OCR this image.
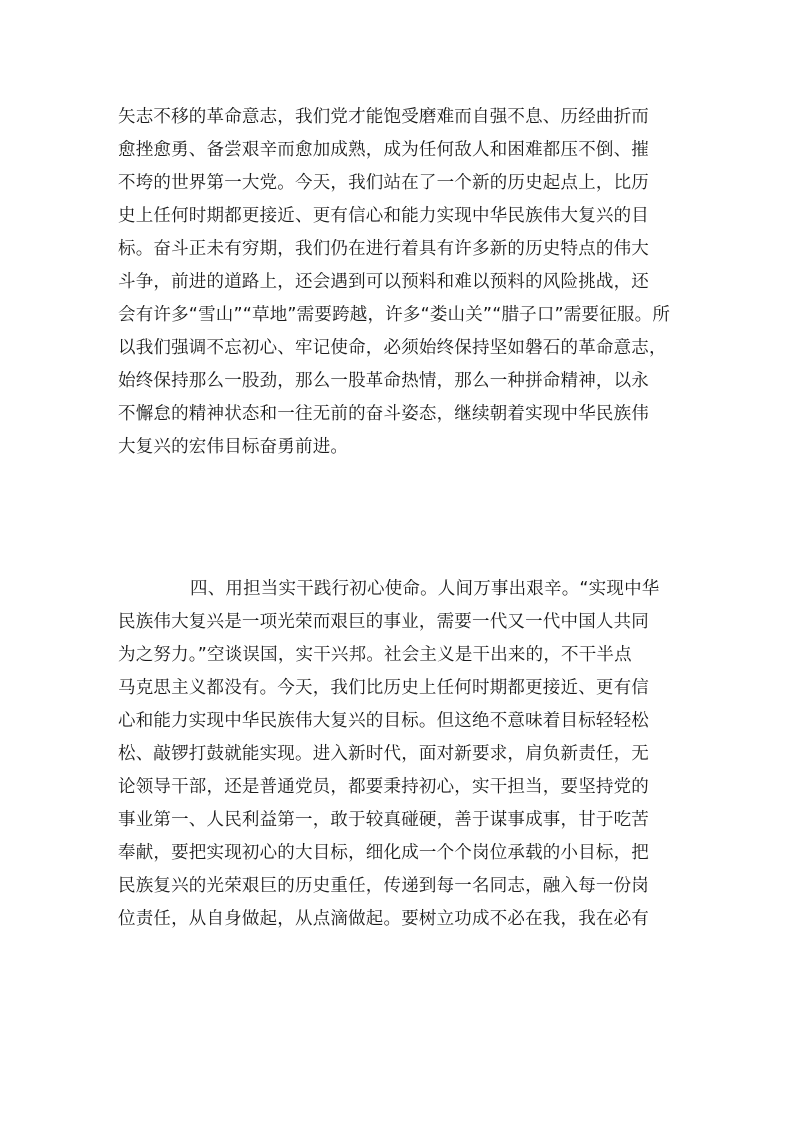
矢志不移的革命意志，我们党才能饱受磨难而自强不息、历经曲折而
愈挫愈勇、备尝艰辛而愈加成熟，成为任何敌人和困难都压不倒、摧
不垮的世界第一大党。今天，我们站在了一个新的历史起点上，比历
史上任何时期都更接近、更有信心和能力实现中华民族伟大复兴的目
标。奋斗正未有穷期，我们仍在进行着具有许多新的历史特点的伟大
斗争，前进的道路上，还会遇到可以预料和难以预料的风险挑战，还
会有许多“雪山”“草地”需要跨越，许多“娄山关”“腊子口”需要征服。所
以我们强调不忘初心、牢记使命，必须始终保持坚如磐石的革命意志，
始终保持那么一股劲，那么一股革命热情，那么一种拼命精神，以永
不懈怠的精神状态和一往无前的奋斗姿态，继续朝着实现中华民族伟
大复兴的宏伟目标奋勇前进。

四、用担当实干践行初心使命。人间万事出艰辛。“实现中华
民族伟大复兴是一项光荣而艰巨的事业，需要一代又一代中国人共同
为之努力。”空谈误国，实干兴邦。社会主义是干出来的，不干半点
马克思主义都没有。今天，我们比历史上任何时期都更接近、更有信
心和能力实现中华民族伟大复兴的目标。但这绝不意味着目标轻轻松
松、敲锣打鼓就能实现。进入新时代，面对新要求，肩负新责任，无
论领导干部，还是普通党员，都要秉持初心，实干担当，要坚持党的
事业第一、人民利益第一，敢于较真碰硬，善于谋事成事，甘于吃苦
奉献，要把实现初心的大目标，细化成一个个岗位承载的小目标，把
民族复兴的光荣艰巨的历史重任，传递到每一名同志，融入每一份岗
位责任，从自身做起，从点滴做起。要树立功成不必在我，我在必有
